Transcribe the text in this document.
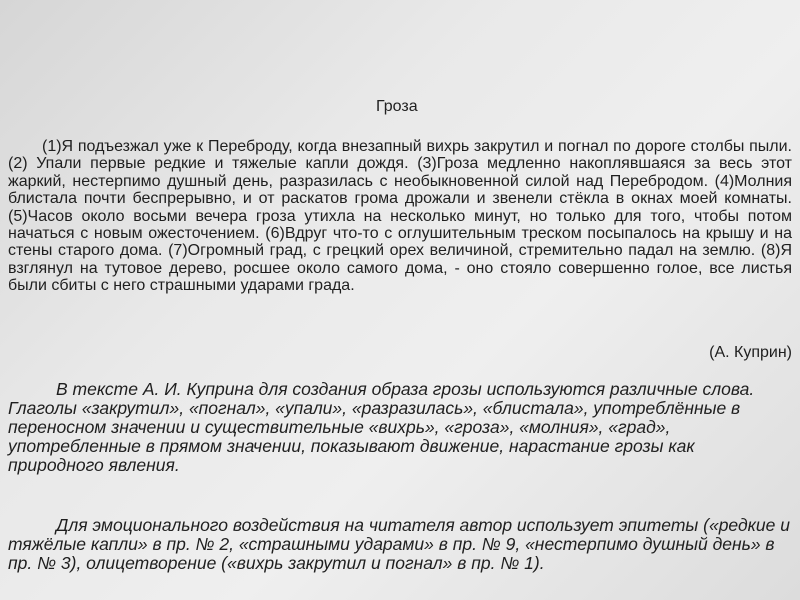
Гроза

(1)Я подъезжал уже к Переброду, когда внезапный вихрь закрутил и погнал по дороге столбы пыли. (2) Упали первые редкие и тяжелые капли дождя. (3)Гроза медленно накоплявшаяся за весь этот жаркий, нестерпимо душный день, разразилась с необыкновенной силой над Перебродом. (4)Молния блистала почти беспрерывно, и от раскатов грома дрожали и звенели стёкла в окнах моей комнаты. (5)Часов около восьми вечера гроза утихла на несколько минут, но только для того, чтобы потом начаться с новым ожесточением. (6)Вдруг что-то с оглушительным треском посыпалось на крышу и на стены старого дома. (7)Огромный град, с грецкий орех величиной, стремительно падал на землю. (8)Я взглянул на тутовое дерево, росшее около самого дома, - оно стояло совершенно голое, все листья были сбиты с него страшными ударами града.

(А. Куприн)

В тексте А. И. Куприна для создания образа грозы используются различные слова. Глаголы «закрутил», «погнал», «упали», «разразилась», «блистала», употреблённые в переносном значении и существительные «вихрь», «гроза», «молния», «град», употребленные в прямом значении, показывают движение, нарастание грозы как природного явления.

Для эмоционального воздействия на читателя автор использует эпитеты («редкие и тяжёлые капли» в пр. № 2, «страшными ударами» в пр. № 9, «нестерпимо душный день» в пр. № 3), олицетворение («вихрь закрутил и погнал» в пр. № 1).
